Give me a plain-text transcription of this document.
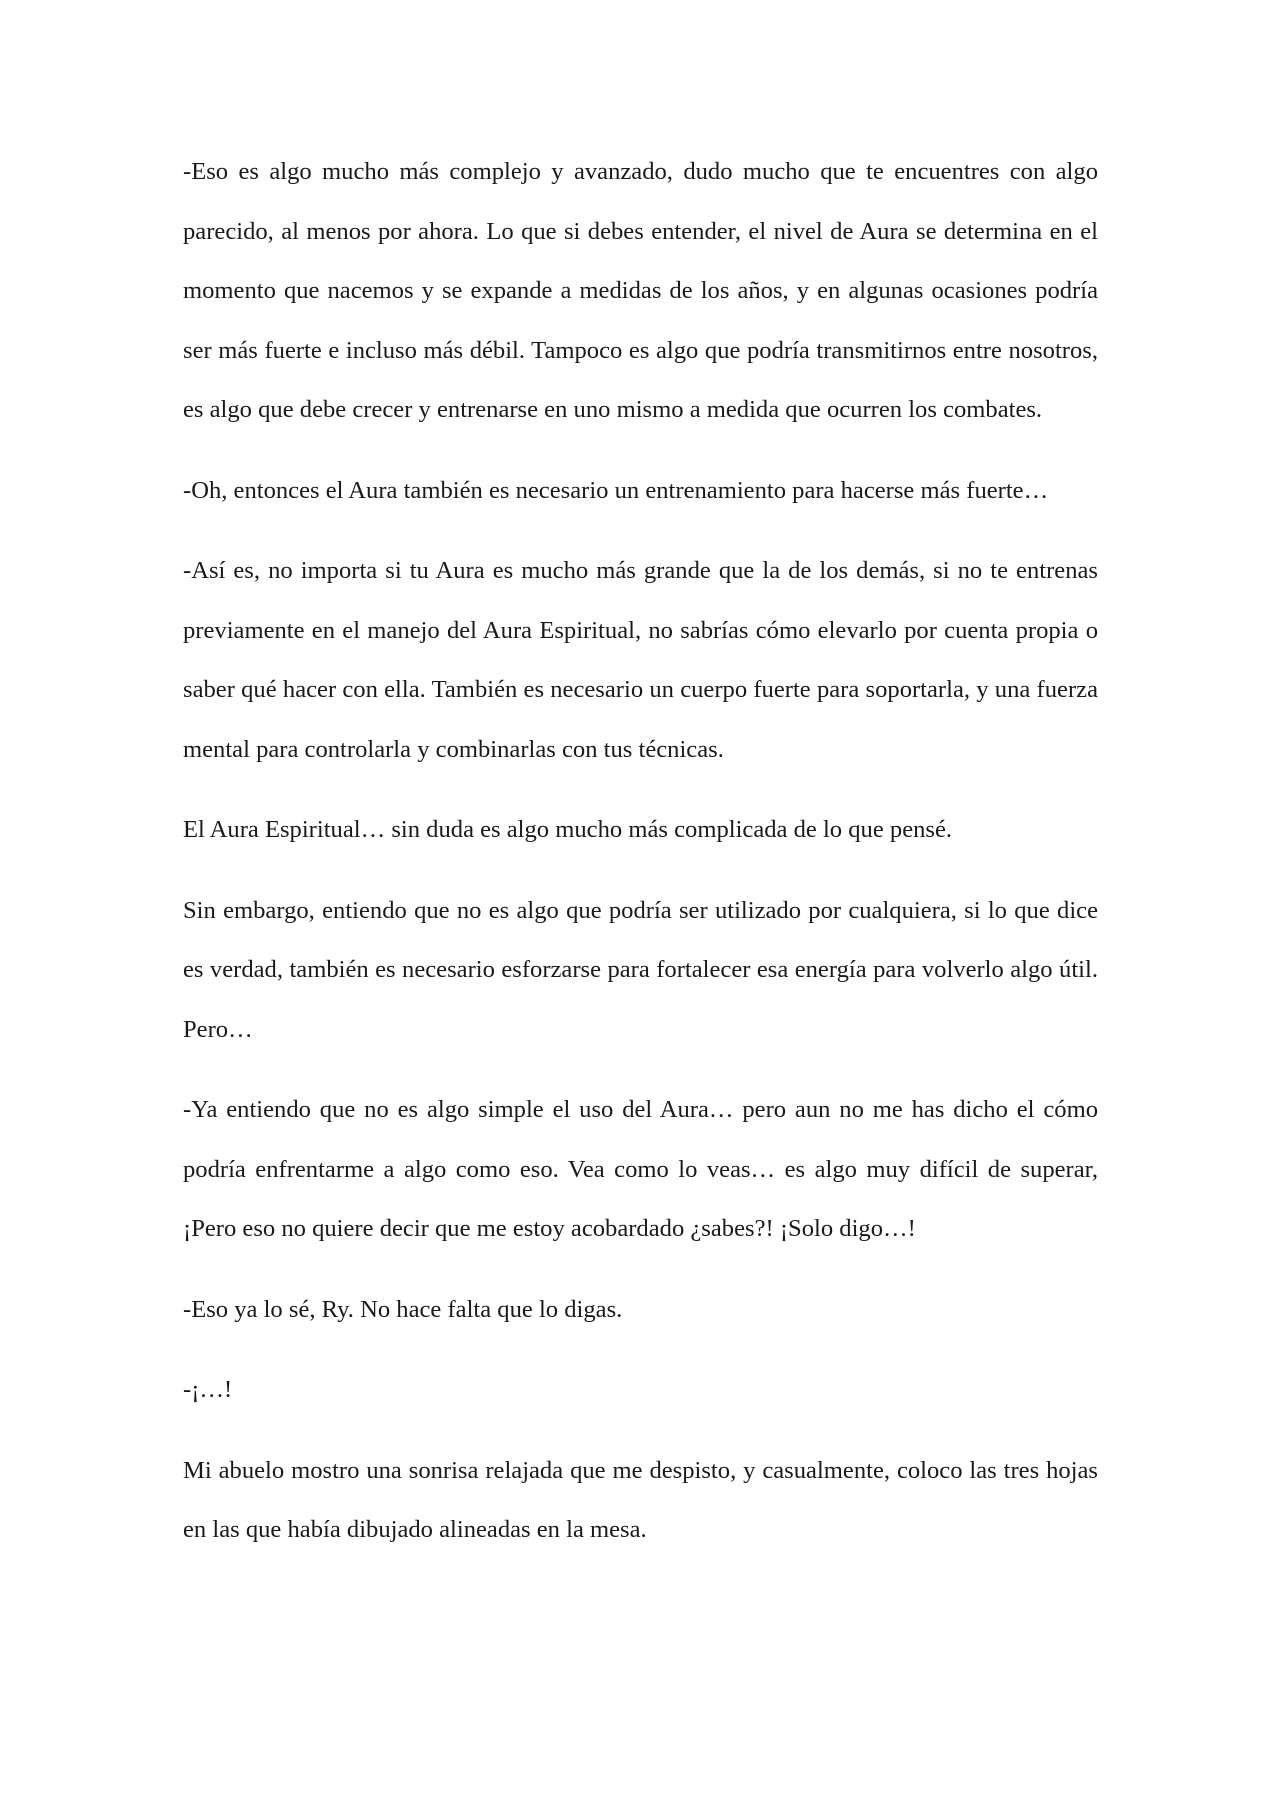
-Eso es algo mucho más complejo y avanzado, dudo mucho que te encuentres con algo parecido, al menos por ahora. Lo que si debes entender, el nivel de Aura se determina en el momento que nacemos y se expande a medidas de los años, y en algunas ocasiones podría ser más fuerte e incluso más débil. Tampoco es algo que podría transmitirnos entre nosotros, es algo que debe crecer y entrenarse en uno mismo a medida que ocurren los combates.

-Oh, entonces el Aura también es necesario un entrenamiento para hacerse más fuerte…

-Así es, no importa si tu Aura es mucho más grande que la de los demás, si no te entrenas previamente en el manejo del Aura Espiritual, no sabrías cómo elevarlo por cuenta propia o saber qué hacer con ella. También es necesario un cuerpo fuerte para soportarla, y una fuerza mental para controlarla y combinarlas con tus técnicas.

El Aura Espiritual… sin duda es algo mucho más complicada de lo que pensé.

Sin embargo, entiendo que no es algo que podría ser utilizado por cualquiera, si lo que dice es verdad, también es necesario esforzarse para fortalecer esa energía para volverlo algo útil. Pero…

-Ya entiendo que no es algo simple el uso del Aura… pero aun no me has dicho el cómo podría enfrentarme a algo como eso. Vea como lo veas… es algo muy difícil de superar, ¡Pero eso no quiere decir que me estoy acobardado ¿sabes?! ¡Solo digo…!

-Eso ya lo sé, Ry. No hace falta que lo digas.

-¡…!

Mi abuelo mostro una sonrisa relajada que me despisto, y casualmente, coloco las tres hojas en las que había dibujado alineadas en la mesa.
